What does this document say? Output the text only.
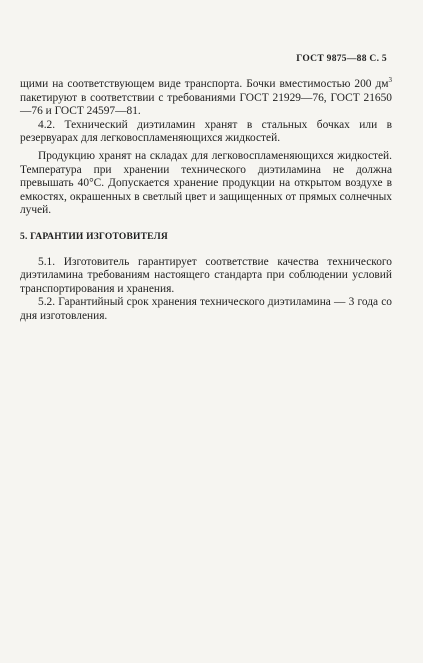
ГОСТ 9875—88 С. 5

щими на соответствующем виде транспорта. Бочки вместимостью 200 $дм^3$ пакетируют в соответствии с требованиями ГОСТ 21929—76, ГОСТ 21650—76 и ГОСТ 24597—81.

4.2. Технический диэтиламин хранят в стальных бочках или в резервуарах для легковоспламеняющихся жидкостей.

Продукцию хранят на складах для легковоспламеняющихся жидкостей. Температура при хранении технического диэтиламина не должна превышать 40°С. Допускается хранение продукции на открытом воздухе в емкостях, окрашенных в светлый цвет и защищенных от прямых солнечных лучей.

5. ГАРАНТИИ ИЗГОТОВИТЕЛЯ

5.1. Изготовитель гарантирует соответствие качества технического диэтиламина требованиям настоящего стандарта при соблюдении условий транспортирования и хранения.

5.2. Гарантийный срок хранения технического диэтиламина — 3 года со дня изготовления.
